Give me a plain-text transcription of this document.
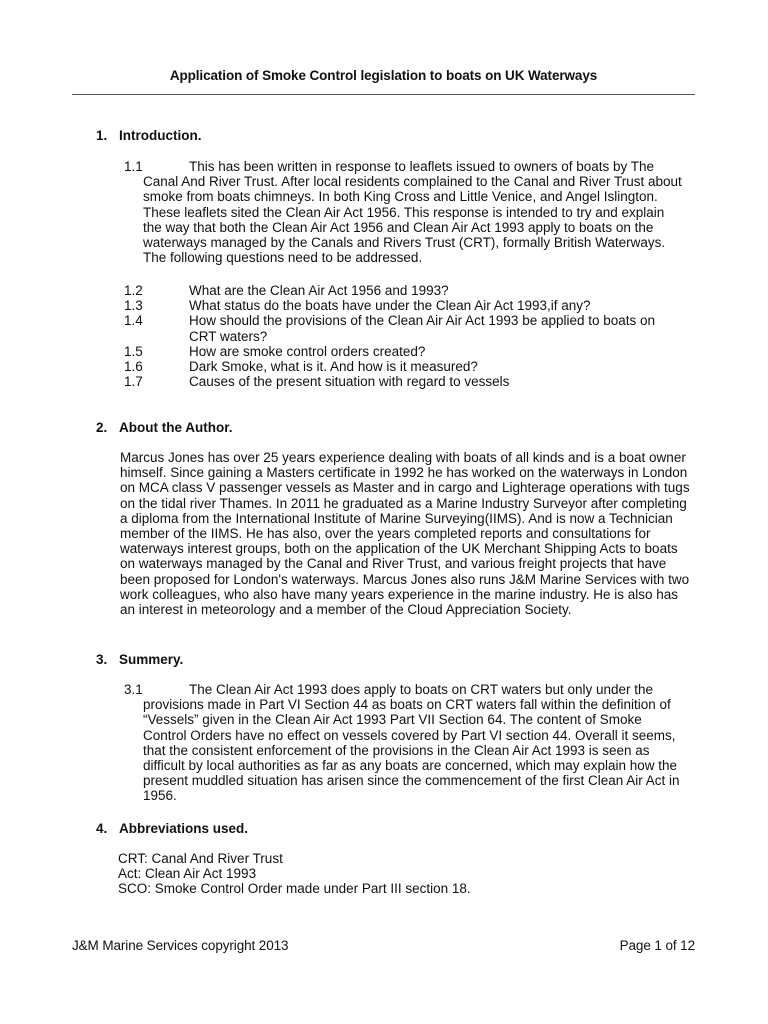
Application of Smoke Control legislation to boats on UK Waterways
1. Introduction.
1.1	This has been written in response to leaflets issued to owners of boats by The Canal And River Trust. After local residents complained to the Canal and River Trust about smoke from boats chimneys. In both King Cross and Little Venice, and Angel Islington. These leaflets sited the Clean Air Act 1956. This response is intended to try and explain the way that both the Clean Air Act 1956 and Clean Air Act 1993 apply to boats on the waterways managed by the Canals and Rivers Trust (CRT), formally British Waterways. The following questions need to be addressed.
1.2	What are the Clean Air Act 1956 and 1993?
1.3	What status do the boats have under the Clean Air Act 1993,if any?
1.4	How should the provisions of the Clean Air Air Act 1993 be applied to boats on CRT waters?
1.5	How are smoke control orders created?
1.6	Dark Smoke, what is it. And how is it measured?
1.7	Causes of the present situation with regard to vessels
2. About the Author.
Marcus Jones has over 25 years experience dealing with boats of all kinds and is a boat owner himself. Since gaining a Masters certificate in 1992 he has worked on the waterways in London on MCA class V passenger vessels as Master and in cargo and Lighterage operations with tugs on the tidal river Thames. In 2011 he graduated as a Marine Industry Surveyor after completing a diploma from the International Institute of Marine Surveying(IIMS). And is now a Technician member of the IIMS. He has also, over the years completed reports and consultations for waterways interest groups, both on the application of the UK Merchant Shipping Acts to boats on waterways managed by the Canal and River Trust, and various freight projects that have been proposed for London's waterways. Marcus Jones also runs J&M Marine Services with two work colleagues, who also have many years experience in the marine industry. He is also has an interest in meteorology and a member of the Cloud Appreciation Society.
3. Summery.
3.1	The Clean Air Act 1993 does apply to boats on CRT waters but only under the provisions made in Part VI Section 44 as boats on CRT waters fall within the definition of “Vessels” given in the Clean Air Act 1993 Part VII Section 64. The content of Smoke Control Orders have no effect on vessels covered by Part VI section 44. Overall it seems, that the consistent enforcement of the provisions in the Clean Air Act 1993 is seen as difficult by local authorities as far as any boats are concerned, which may explain how the present muddled situation has arisen since the commencement of the first Clean Air Act in 1956.
4. Abbreviations used.
CRT: Canal And River Trust
Act: Clean Air Act 1993
SCO: Smoke Control Order made under Part III section 18.
J&M Marine Services copyright 2013	Page 1 of 12
